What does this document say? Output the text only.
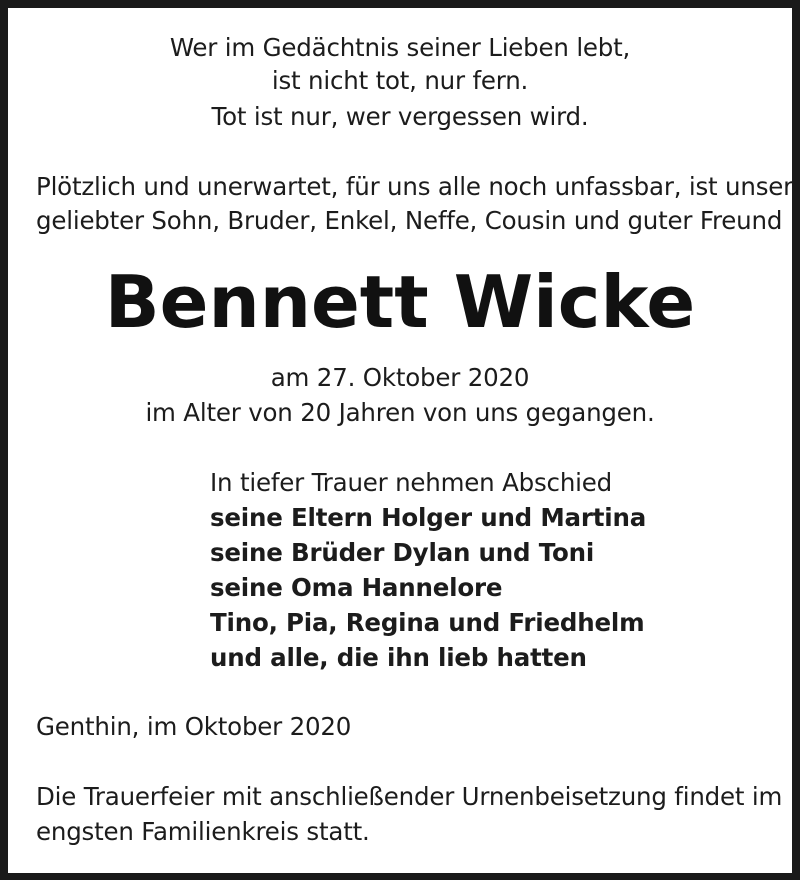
Wer im Gedächtnis seiner Lieben lebt,

ist nicht tot, nur fern.

Tot ist nur, wer vergessen wird.

Plötzlich und unerwartet, für uns alle noch unfassbar, ist unser

geliebter Sohn, Bruder, Enkel, Neffe, Cousin und guter Freund

Bennett Wicke

am 27. Oktober 2020

im Alter von 20 Jahren von uns gegangen.

In tiefer Trauer nehmen Abschied

seine Eltern Holger und Martina

seine Brüder Dylan und Toni

seine Oma Hannelore

Tino, Pia, Regina und Friedhelm

und alle, die ihn lieb hatten

Genthin, im Oktober 2020

Die Trauerfeier mit anschließender Urnenbeisetzung findet im

engsten Familienkreis statt.
